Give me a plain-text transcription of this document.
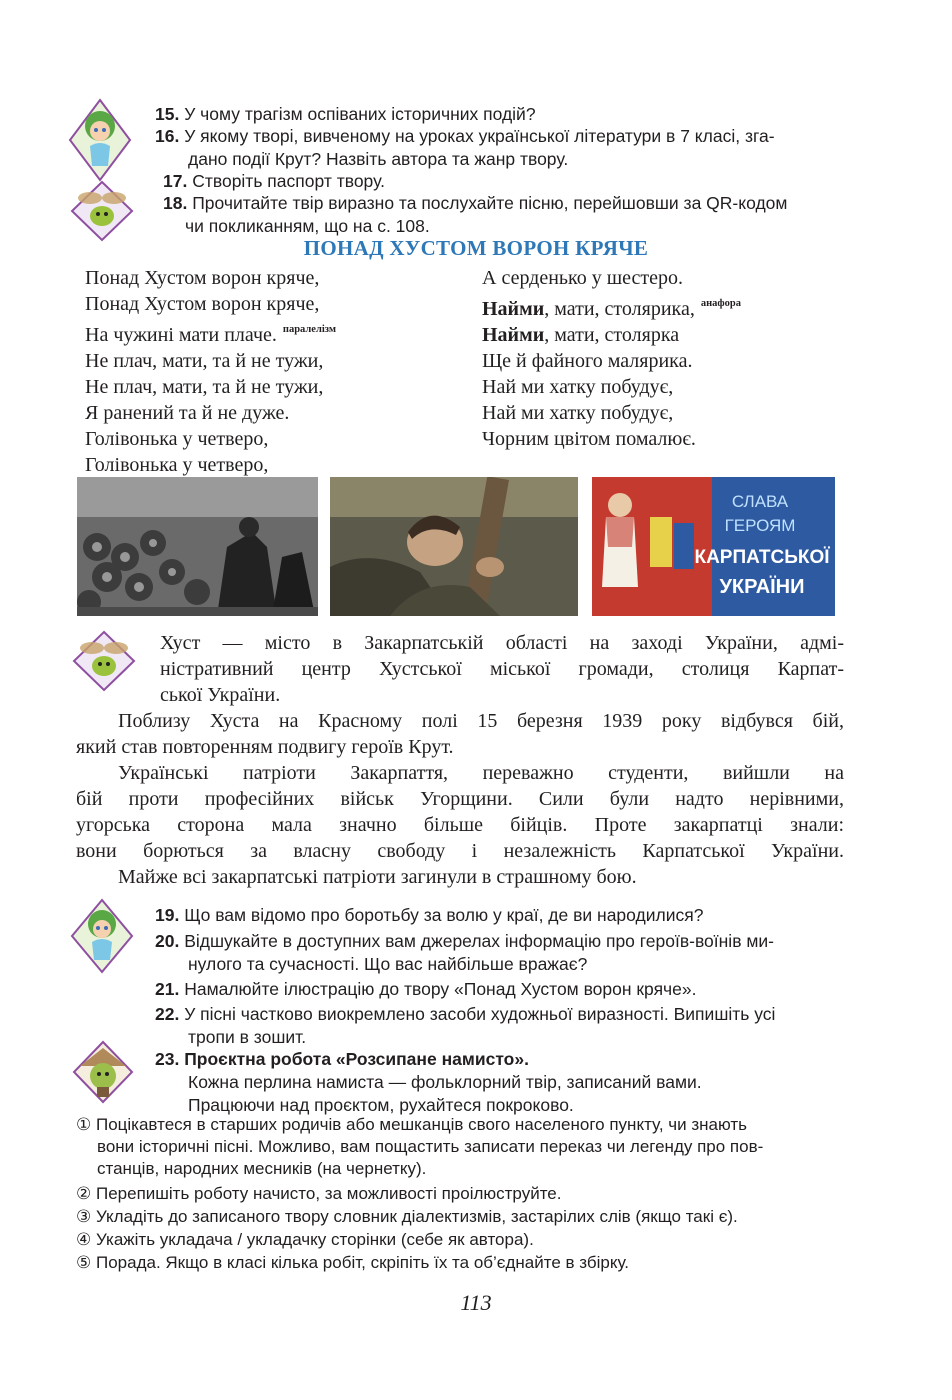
15. У чому трагізм оспіваних історичних подій?
16. У якому творі, вивченому на уроках української літератури в 7 класі, зга-
дано події Крут? Назвіть автора та жанр твору.
17. Створіть паспорт твору.
18. Прочитайте твір виразно та послухайте пісню, перейшовши за QR-кодом
чи покликанням, що на с. 108.
ПОНАД ХУСТОМ ВОРОН КРЯЧЕ
Понад Хустом ворон кряче,
Понад Хустом ворон кряче,
На чужині мати плаче. $^{паралелізм}$
Не плач, мати, та й не тужи,
Не плач, мати, та й не тужи,
Я ранений та й не дуже.
Голівонька у четверо,
Голівонька у четверо,
А серденько у шестеро.
Найми, мати, столярика, $^{анафора}$
Найми, мати, столярка
Ще й файного малярика.
Най ми хатку побудує,
Най ми хатку побудує,
Чорним цвітом помалює.
СЛАВА
ГЕРОЯМ
КАРПАТСЬКОЇ
УКРАЇНИ
Хуст — місто в Закарпатській області на заході України, адмі-
ністративний центр Хустської міської громади, столиця Карпат-
ської України.
Поблизу Хуста на Красному полі 15 березня 1939 року відбувся бій,
який став повторенням подвигу героїв Крут.
Українські патріоти Закарпаття, переважно студенти, вийшли на
бій проти професійних військ Угорщини. Сили були надто нерівними,
угорська сторона мала значно більше бійців. Проте закарпатці знали:
вони борються за власну свободу і незалежність Карпатської України.
Майже всі закарпатські патріоти загинули в страшному бою.
19. Що вам відомо про боротьбу за волю у краї, де ви народилися?
20. Відшукайте в доступних вам джерелах інформацію про героїв-воїнів ми-
нулого та сучасності. Що вас найбільше вражає?
21. Намалюйте ілюстрацію до твору «Понад Хустом ворон кряче».
22. У пісні частково виокремлено засоби художньої виразності. Випишіть усі
тропи в зошит.
23. Проєктна робота «Розсипане намисто».
Кожна перлина намиста — фольклорний твір, записаний вами.
Працюючи над проєктом, рухайтеся покроково.
① Поцікавтеся в старших родичів або мешканців свого населеного пункту, чи знають
вони історичні пісні. Можливо, вам пощастить записати переказ чи легенду про пов-
станців, народних месників (на чернетку).
② Перепишіть роботу начисто, за можливості проілюструйте.
③ Укладіть до записаного твору словник діалектизмів, застарілих слів (якщо такі є).
④ Укажіть укладача / укладачку сторінки (себе як автора).
⑤ Порада. Якщо в класі кілька робіт, скріпіть їх та об’єднайте в збірку.
113
